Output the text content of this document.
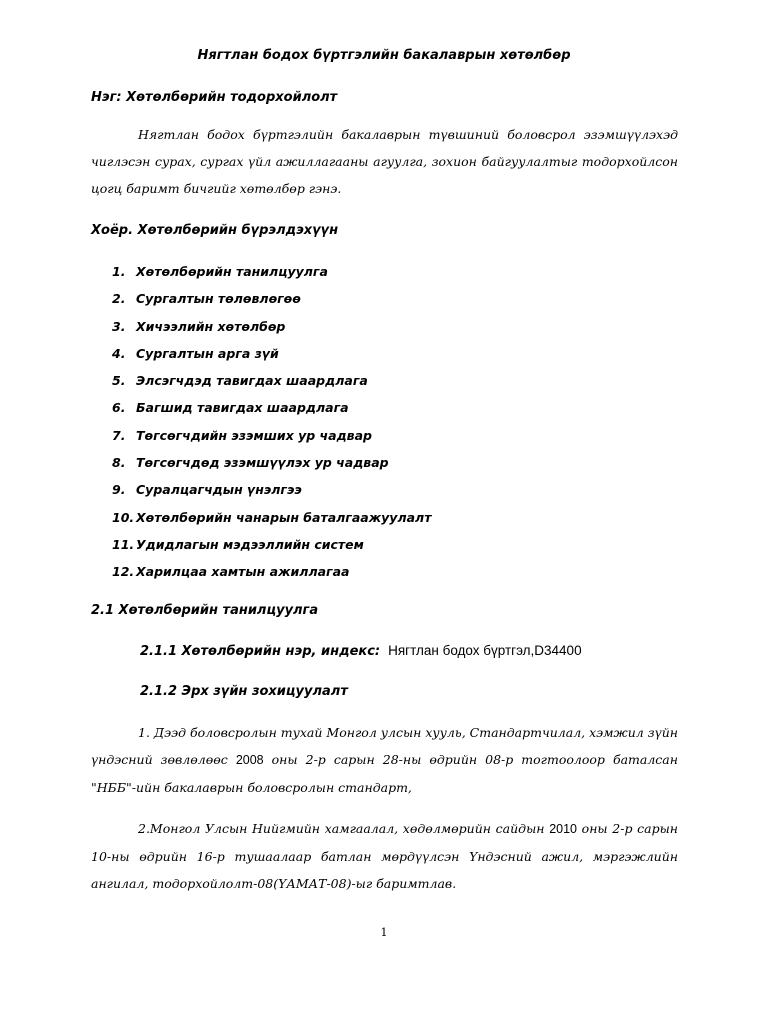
Нягтлан бодох бүртгэлийн бакалаврын хөтөлбөр
Нэг: Хөтөлбөрийн тодорхойлолт
Нягтлан бодох бүртгэлийн бакалаврын түвшиний боловсрол эзэмшүүлэхэд чиглэсэн сурах, сургах үйл ажиллагааны агуулга, зохион байгуулалтыг тодорхойлсон цогц баримт бичгийг хөтөлбөр гэнэ.
Хоёр. Хөтөлбөрийн бүрэлдэхүүн
1. Хөтөлбөрийн танилцуулга
2. Сургалтын төлөвлөгөө
3. Хичээлийн хөтөлбөр
4. Сургалтын арга зүй
5. Элсэгчдэд тавигдах шаардлага
6. Багшид тавигдах шаардлага
7. Төгсөгчдийн эзэмших ур чадвар
8. Төгсөгчдөд эзэмшүүлэх ур чадвар
9. Суралцагчдын үнэлгээ
10. Хөтөлбөрийн чанарын баталгаажуулалт
11. Удидлагын мэдээллийн систем
12. Харилцаа хамтын ажиллагаа
2.1 Хөтөлбөрийн танилцуулга
2.1.1 Хөтөлбөрийн нэр, индекс: Нягтлан бодох бүртгэл,D34400
2.1.2 Эрх зүйн зохицуулалт
1. Дээд боловсролын тухай Монгол улсын хууль, Стандартчилал, хэмжил зүйн үндэсний зөвлөлөөс 2008 оны 2-р сарын 28-ны өдрийн 08-р тогтоолоор баталсан "НББ"-ийн бакалаврын боловсролын стандарт,
2.Монгол Улсын Нийгмийн хамгаалал, хөдөлмөрийн сайдын 2010 оны 2-р сарын 10-ны өдрийн 16-р тушаалаар батлан мөрдүүлсэн Үндэсний ажил, мэргэжлийн ангилал, тодорхойлолт-08(ҮАМАТ-08)-ыг баримтлав.
1
